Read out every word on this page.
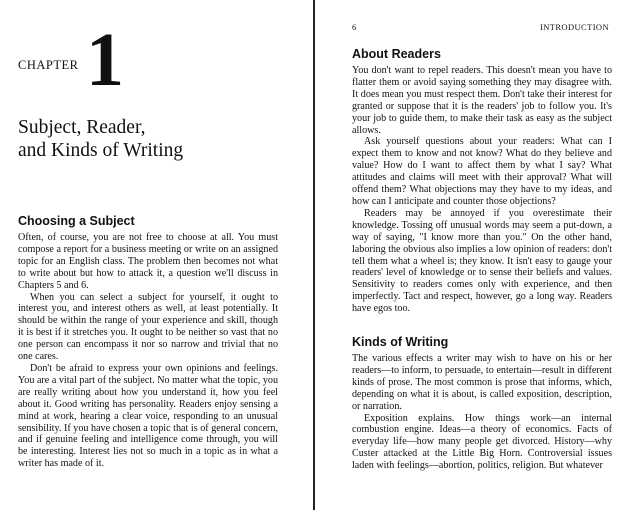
CHAPTER 1
Subject, Reader,
and Kinds of Writing
Choosing a Subject

Often, of course, you are not free to choose at all. You must compose a report for a business meeting or write on an assigned topic for an English class. The problem then becomes not what to write about but how to attack it, a question we'll discuss in Chapters 5 and 6.

When you can select a subject for yourself, it ought to interest you, and interest others as well, at least potentially. It should be within the range of your experience and skill, though it is best if it stretches you. It ought to be neither so vast that no one person can encompass it nor so narrow and trivial that no one cares.

Don't be afraid to express your own opinions and feelings. You are a vital part of the subject. No matter what the topic, you are really writing about how you understand it, how you feel about it. Good writing has personality. Readers enjoy sensing a mind at work, hearing a clear voice, responding to an unusual sensibility. If you have chosen a topic that is of general concern, and if genuine feeling and intelligence come through, you will be interesting. Interest lies not so much in a topic as in what a writer has made of it.

6	INTRODUCTION
About Readers

You don't want to repel readers. This doesn't mean you have to flatter them or avoid saying something they may disagree with. It does mean you must respect them. Don't take their interest for granted or suppose that it is the readers' job to follow you. It's your job to guide them, to make their task as easy as the subject allows.

Ask yourself questions about your readers: What can I expect them to know and not know? What do they believe and value? How do I want to affect them by what I say? What attitudes and claims will meet with their approval? What will offend them? What objections may they have to my ideas, and how can I anticipate and counter those objections?

Readers may be annoyed if you overestimate their knowledge. Tossing off unusual words may seem a put-down, a way of saying, "I know more than you." On the other hand, laboring the obvious also implies a low opinion of readers: don't tell them what a wheel is; they know. It isn't easy to gauge your readers' level of knowledge or to sense their beliefs and values. Sensitivity to readers comes only with experience, and then imperfectly. Tact and respect, however, go a long way. Readers have egos too.

Kinds of Writing

The various effects a writer may wish to have on his or her readers—to inform, to persuade, to entertain—result in different kinds of prose. The most common is prose that informs, which, depending on what it is about, is called exposition, description, or narration.

Exposition explains. How things work—an internal combustion engine. Ideas—a theory of economics. Facts of everyday life—how many people get divorced. History—why Custer attacked at the Little Big Horn. Controversial issues laden with feelings—abortion, politics, religion. But whatever
